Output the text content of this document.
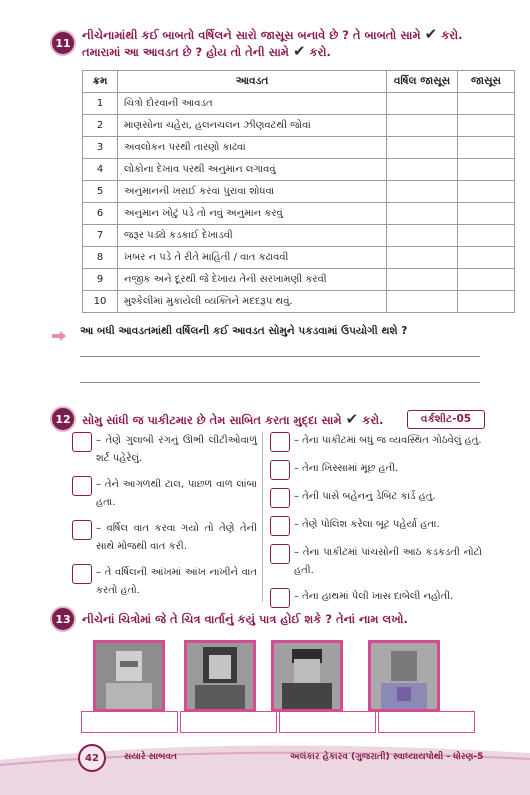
11
નીચેનામાંથી કઈ બાબતો વર્ષિલને સારો જાસૂસ બનાવે છે ? તે બાબતો સામે ✔ કરો.
તમારામાં આ આવડત છે ? હોય તો તેની સામે ✔ કરો.
ક્રમ	આવડત	વર્ષિલ જાસૂસ	જાસૂસ
1	ચિત્રો દોરવાની આવડત		
2	માણસોના ચહેરા, હલનચલન ઝીણવટથી જોવાં		
3	અવલોકન પરથી તારણો કાઢવાં		
4	લોકોના દેખાવ પરથી અનુમાન લગાવવું		
5	અનુમાનની ખરાઈ કરવા પુરાવા શોધવા		
6	અનુમાન ખોટું પડે તો નવું અનુમાન કરવું		
7	જરૂર પડ્યે કડકાઈ દેખાડવી		
8	ખબર ન પડે તે રીતે માહિતી / વાત કઢાવવી		
9	નજીક અને દૂરથી જે દેખાય તેની સરખામણી કરવી		
10	મુશ્કેલીમાં મુકાયેલી વ્યક્તિને મદદરૂપ થવું.		
આ બધી આવડતમાંથી વર્ષિલની કઈ આવડત સોમુને પકડવામાં ઉપયોગી થશે ?
12 સોમુ સાંધી જ પાકીટમાર છે તેમ સાબિત કરતા મુદ્દા સામે ✔ કરો.	વર્કશીટ-05
– તેણે ગુલાબી રંગનું ઊભી લીટીઓવાળું શર્ટ પહેરેલું.
– તેને આગળથી ટાલ, પાછળ વાળ લાંબા હતા.
– વર્ષિલ વાત કરવા ગયો તો તેણે તેની સાથે મોજથી વાત કરી.
– તે વર્ષિલની આંખમાં આંખ નાખીને વાત કરતો હતો.
– તેના પાકીટમાં બધું જ વ્યવસ્થિત ગોઠવેલું હતું.
– તેના ખિસ્સામાં મૂછ હતી.
– તેની પાસે બહેનનું ડેબિટ કાર્ડ હતું.
– તેણે પોલિશ કરેલા બૂટ પહેર્યા હતા.
– તેના પાકીટમાં પાંચસોની આઠ કડકડતી નોટો હતી.
– તેના હાથમાં પેલી ખાસ દાબેલી નહોતી.
13 નીચેનાં ચિત્રોમાં જે તે ચિત્ર વાર્તાનું કયું પાત્ર હોઈ શકે ? તેનાં નામ લખો.
42	સયારે સાબવત	અલંકાર હેકારવ (ગુજરાતી) સ્વાધ્યાયપોથી - ધોરણ-5
